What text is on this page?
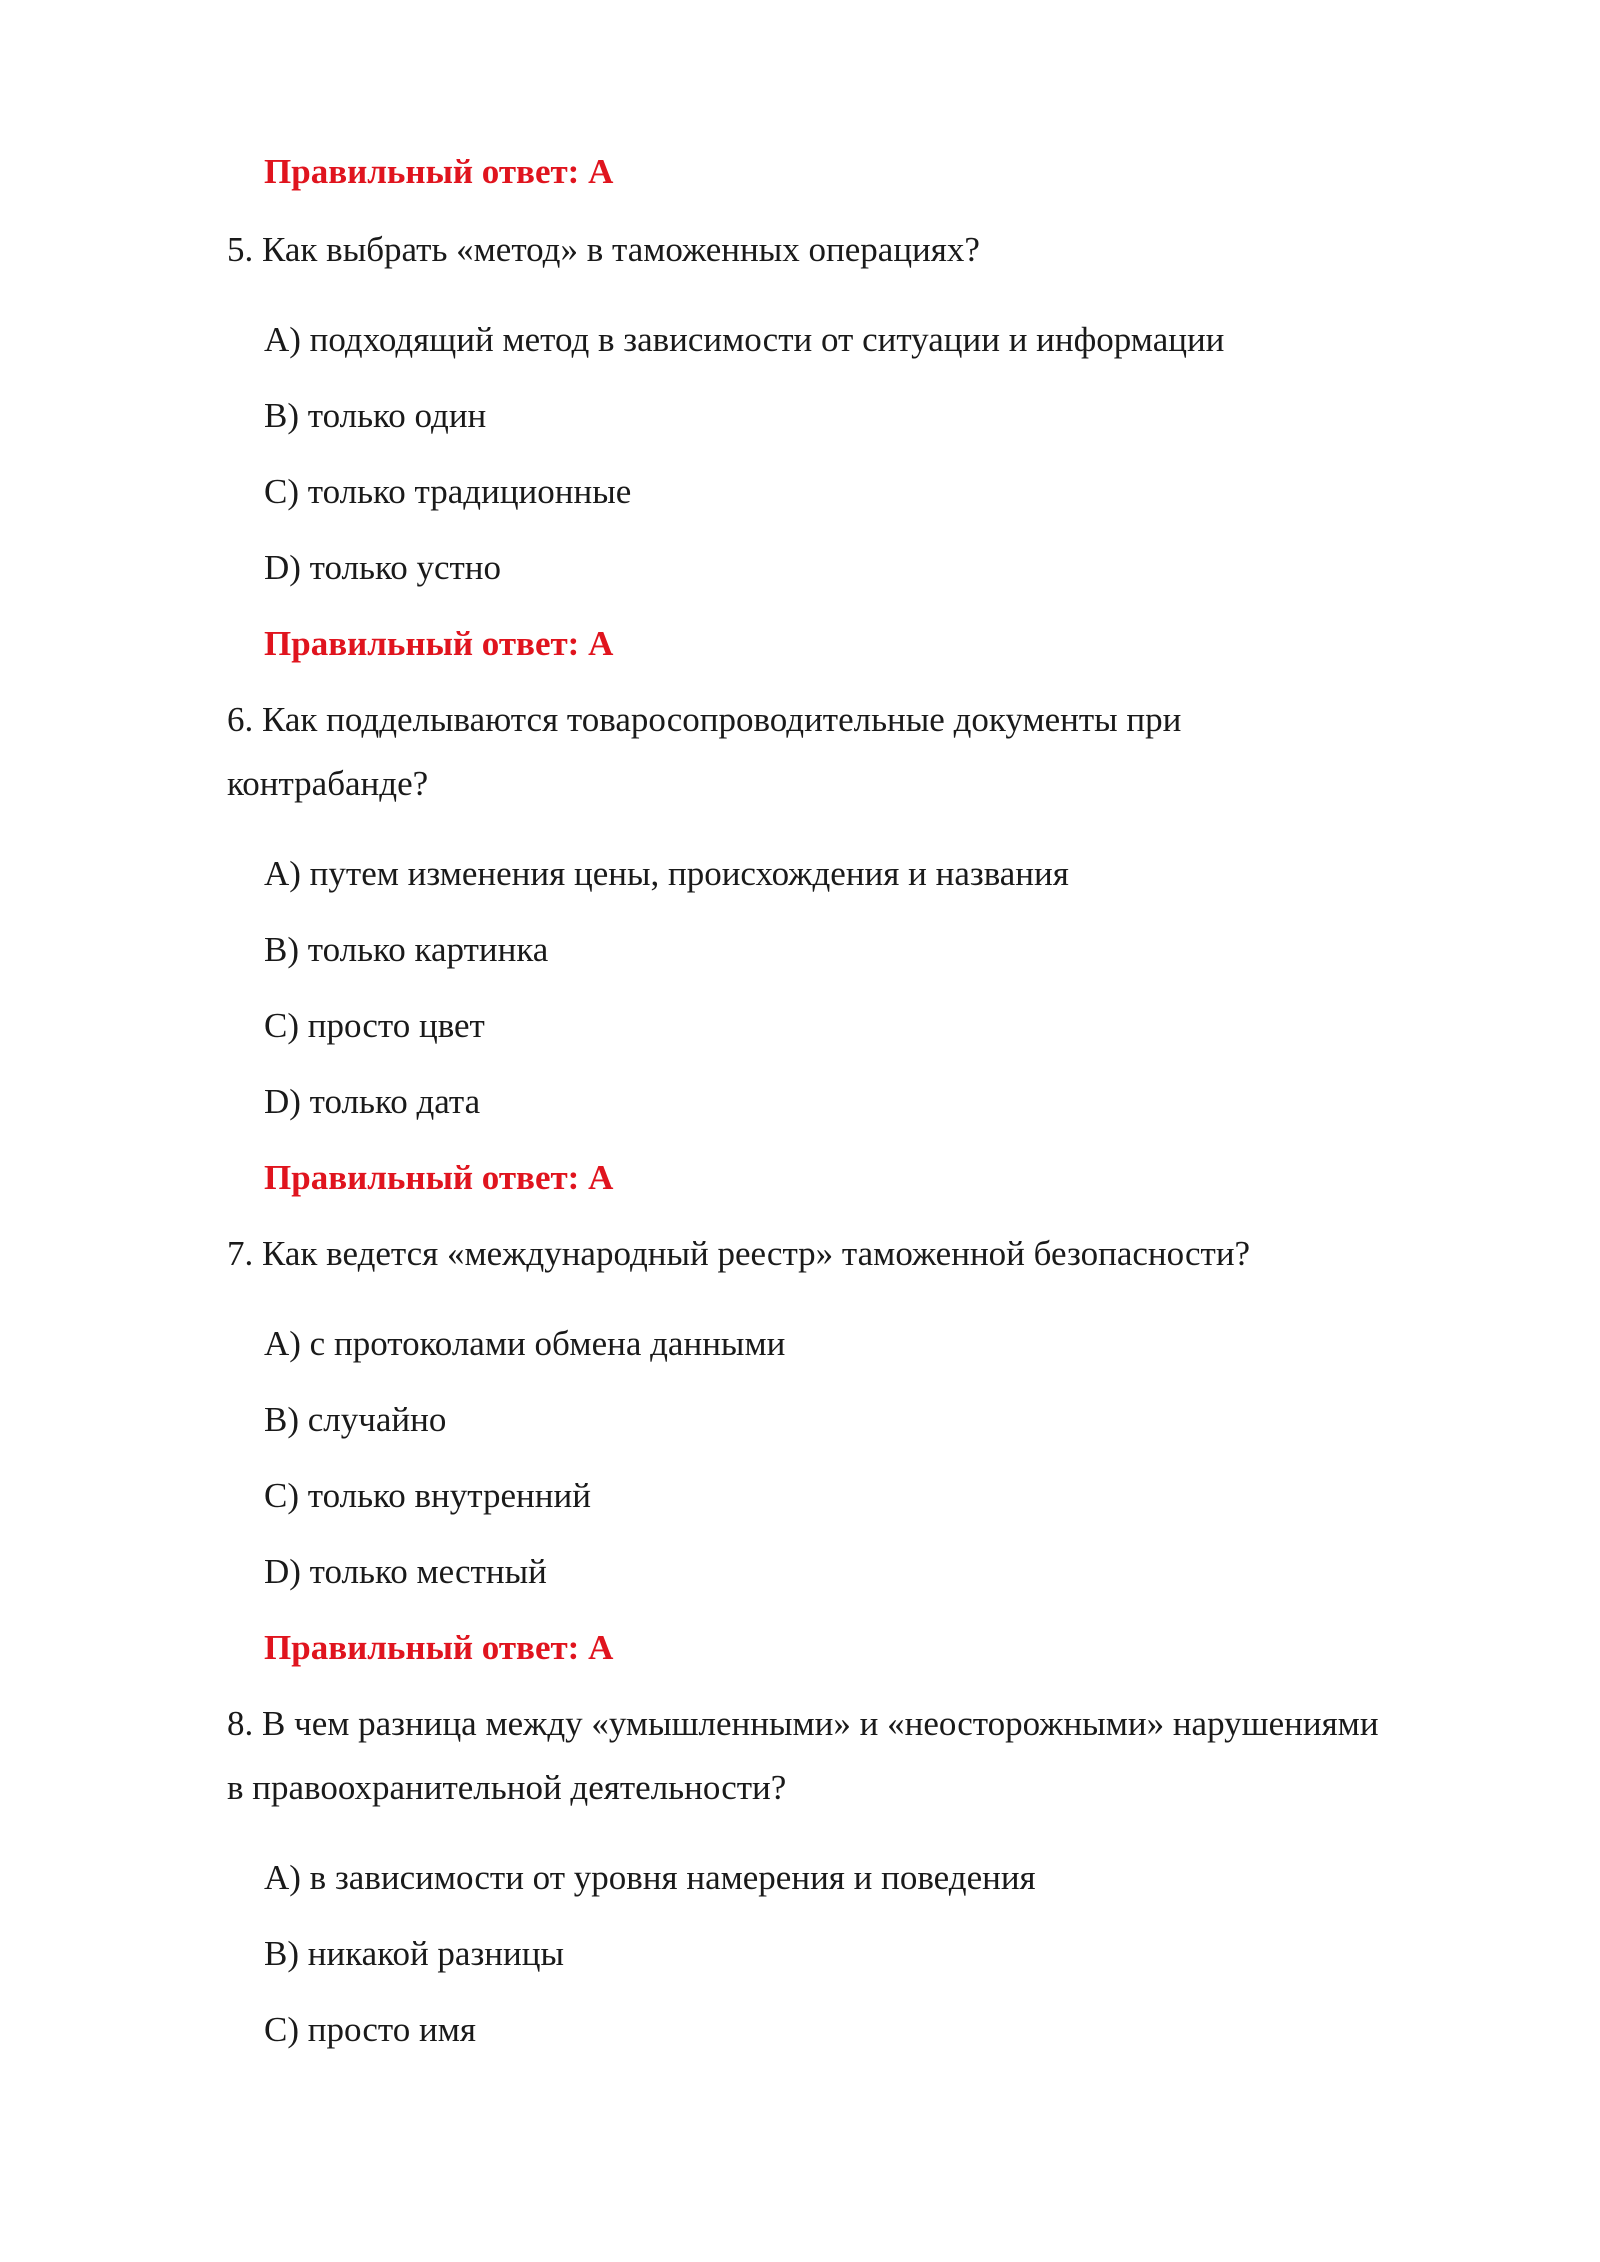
Правильный ответ: А
5. Как выбрать «метод» в таможенных операциях?
A) подходящий метод в зависимости от ситуации и информации
B) только один
C) только традиционные
D) только устно
Правильный ответ: А
6. Как подделываются товаросопроводительные документы при
контрабанде?
A) путем изменения цены, происхождения и названия
B) только картинка
C) просто цвет
D) только дата
Правильный ответ: А
7. Как ведется «международный реестр» таможенной безопасности?
A) с протоколами обмена данными
B) случайно
C) только внутренний
D) только местный
Правильный ответ: А
8. В чем разница между «умышленными» и «неосторожными» нарушениями
в правоохранительной деятельности?
A) в зависимости от уровня намерения и поведения
B) никакой разницы
C) просто имя
